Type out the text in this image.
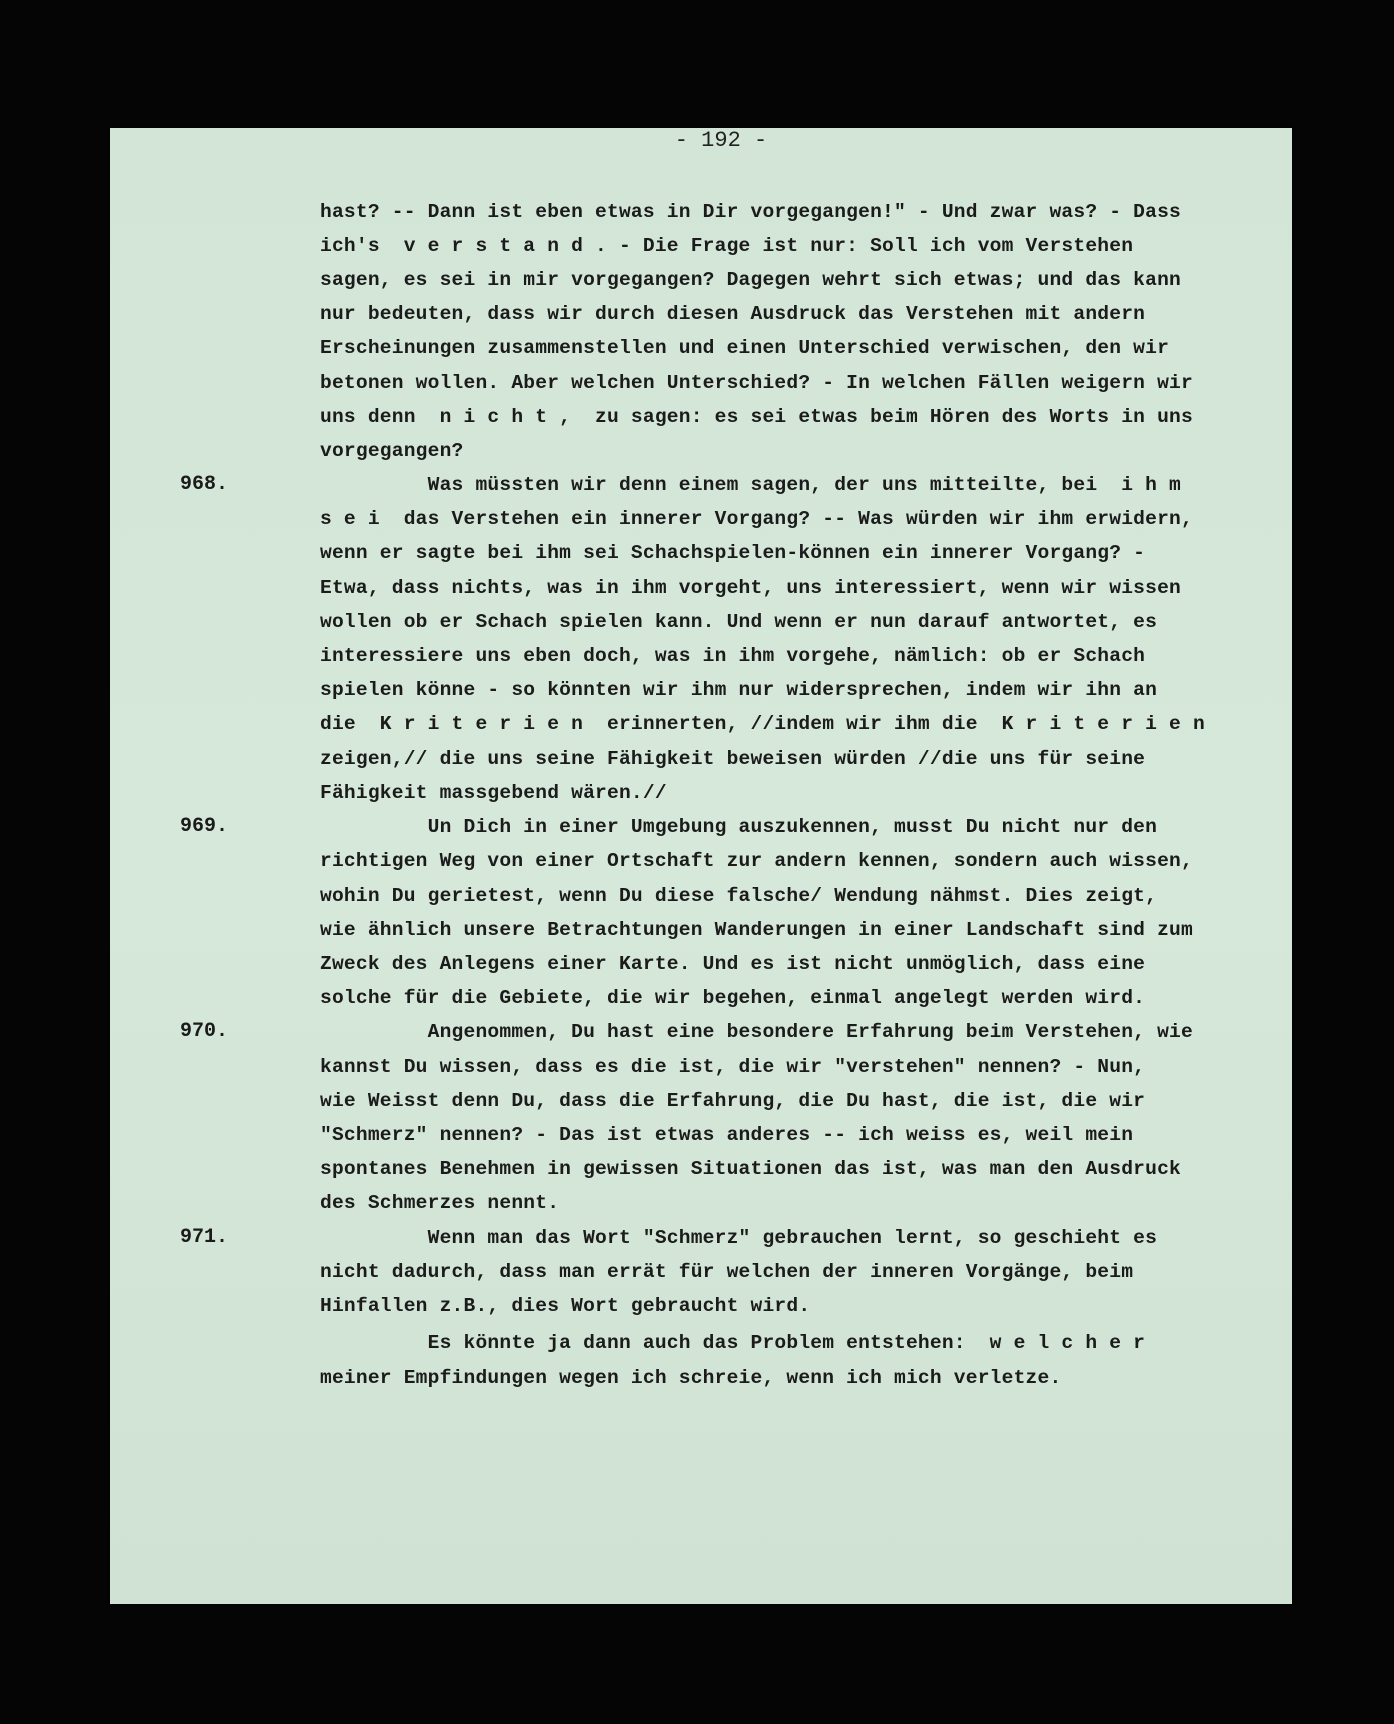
- 192 -
hast? -- Dann ist eben etwas in Dir vorgegangen!" - Und zwar was? - Dass
ich's  v e r s t a n d . - Die Frage ist nur: Soll ich vom Verstehen
sagen, es sei in mir vorgegangen? Dagegen wehrt sich etwas; und das kann
nur bedeuten, dass wir durch diesen Ausdruck das Verstehen mit andern
Erscheinungen zusammenstellen und einen Unterschied verwischen, den wir
betonen wollen. Aber welchen Unterschied? - In welchen Fällen weigern wir
uns denn  n i c h t ,  zu sagen: es sei etwas beim Hören des Worts in uns
vorgegangen?
968.	Was müssten wir denn einem sagen, der uns mitteilte, bei  i h m
s e i  das Verstehen ein innerer Vorgang? -- Was würden wir ihm erwidern,
wenn er sagte bei ihm sei Schachspielen-können ein innerer Vorgang? -
Etwa, dass nichts, was in ihm vorgeht, uns interessiert, wenn wir wissen
wollen ob er Schach spielen kann. Und wenn er nun darauf antwortet, es
interessiere uns eben doch, was in ihm vorgehe, nämlich: ob er Schach
spielen könne - so könnten wir ihm nur widersprechen, indem wir ihn an
die  K r i t e r i e n  erinnerten, //indem wir ihm die  K r i t e r i e n
zeigen,// die uns seine Fähigkeit beweisen würden //die uns für seine
Fähigkeit massgebend wären.//
969.	Un Dich in einer Umgebung auszukennen, musst Du nicht nur den
richtigen Weg von einer Ortschaft zur andern kennen, sondern auch wissen,
wohin Du gerietest, wenn Du diese falsche/ Wendung nähmst. Dies zeigt,
wie ähnlich unsere Betrachtungen Wanderungen in einer Landschaft sind zum
Zweck des Anlegens einer Karte. Und es ist nicht unmöglich, dass eine
solche für die Gebiete, die wir begehen, einmal angelegt werden wird.
970.	Angenommen, Du hast eine besondere Erfahrung beim Verstehen, wie
kannst Du wissen, dass es die ist, die wir "verstehen" nennen? - Nun,
wie Weisst denn Du, dass die Erfahrung, die Du hast, die ist, die wir
"Schmerz" nennen? - Das ist etwas anderes -- ich weiss es, weil mein
spontanes Benehmen in gewissen Situationen das ist, was man den Ausdruck
des Schmerzes nennt.
971.	Wenn man das Wort "Schmerz" gebrauchen lernt, so geschieht es
nicht dadurch, dass man errät für welchen der inneren Vorgänge, beim
Hinfallen z.B., dies Wort gebraucht wird.
Es könnte ja dann auch das Problem entstehen:  w e l c h e r
meiner Empfindungen wegen ich schreie, wenn ich mich verletze.
